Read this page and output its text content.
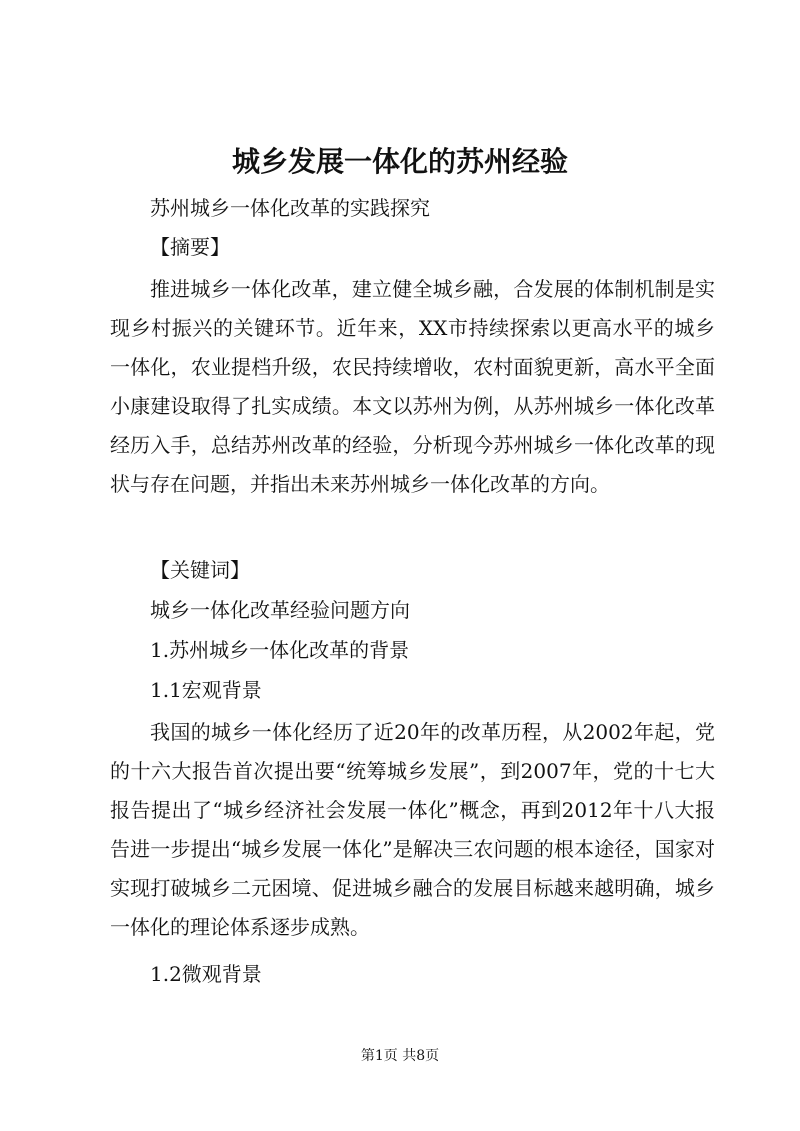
城乡发展一体化的苏州经验

苏州城乡一体化改革的实践探究

【摘要】

推进城乡一体化改革，建立健全城乡融，合发展的体制机制是实现乡村振兴的关键环节。近年来，XX市持续探索以更高水平的城乡一体化，农业提档升级，农民持续增收，农村面貌更新，高水平全面小康建设取得了扎实成绩。本文以苏州为例，从苏州城乡一体化改革经历入手，总结苏州改革的经验，分析现今苏州城乡一体化改革的现状与存在问题，并指出未来苏州城乡一体化改革的方向。

【关键词】

城乡一体化改革经验问题方向

1.苏州城乡一体化改革的背景

1.1宏观背景

我国的城乡一体化经历了近20年的改革历程，从2002年起，党的十六大报告首次提出要“统筹城乡发展”，到2007年，党的十七大报告提出了“城乡经济社会发展一体化”概念，再到2012年十八大报告进一步提出“城乡发展一体化”是解决三农问题的根本途径，国家对实现打破城乡二元困境、促进城乡融合的发展目标越来越明确，城乡一体化的理论体系逐步成熟。

1.2微观背景

第1页 共8页
